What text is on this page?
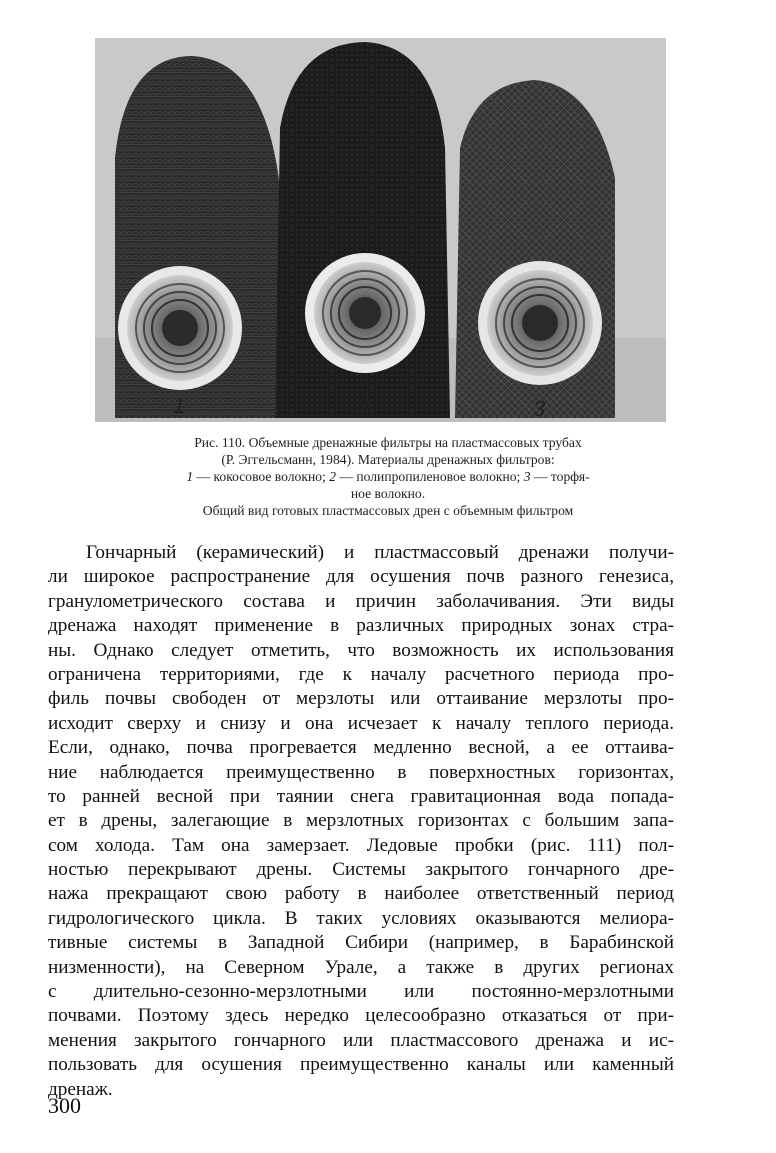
1	2	3
Рис. 110. Объемные дренажные фильтры на пластмассовых трубах
(Р. Эггельсманн, 1984). Материалы дренажных фильтров:
1 — кокосовое волокно; 2 — полипропиленовое волокно; 3 — торфя-
ное волокно.
Общий вид готовых пластмассовых дрен с объемным фильтром
Гончарный (керамический) и пластмассовый дренажи получи-
ли широкое распространение для осушения почв разного генезиса,
гранулометрического состава и причин заболачивания. Эти виды
дренажа находят применение в различных природных зонах стра-
ны. Однако следует отметить, что возможность их использования
ограничена территориями, где к началу расчетного периода про-
филь почвы свободен от мерзлоты или оттаивание мерзлоты про-
исходит сверху и снизу и она исчезает к началу теплого периода.
Если, однако, почва прогревается медленно весной, а ее оттаива-
ние наблюдается преимущественно в поверхностных горизонтах,
то ранней весной при таянии снега гравитационная вода попада-
ет в дрены, залегающие в мерзлотных горизонтах с большим запа-
сом холода. Там она замерзает. Ледовые пробки (рис. 111) пол-
ностью перекрывают дрены. Системы закрытого гончарного дре-
нажа прекращают свою работу в наиболее ответственный период
гидрологического цикла. В таких условиях оказываются мелиора-
тивные системы в Западной Сибири (например, в Барабинской
низменности), на Северном Урале, а также в других регионах
с длительно-сезонно-мерзлотными или постоянно-мерзлотными
почвами. Поэтому здесь нередко целесообразно отказаться от при-
менения закрытого гончарного или пластмассового дренажа и ис-
пользовать для осушения преимущественно каналы или каменный
дренаж.
300
